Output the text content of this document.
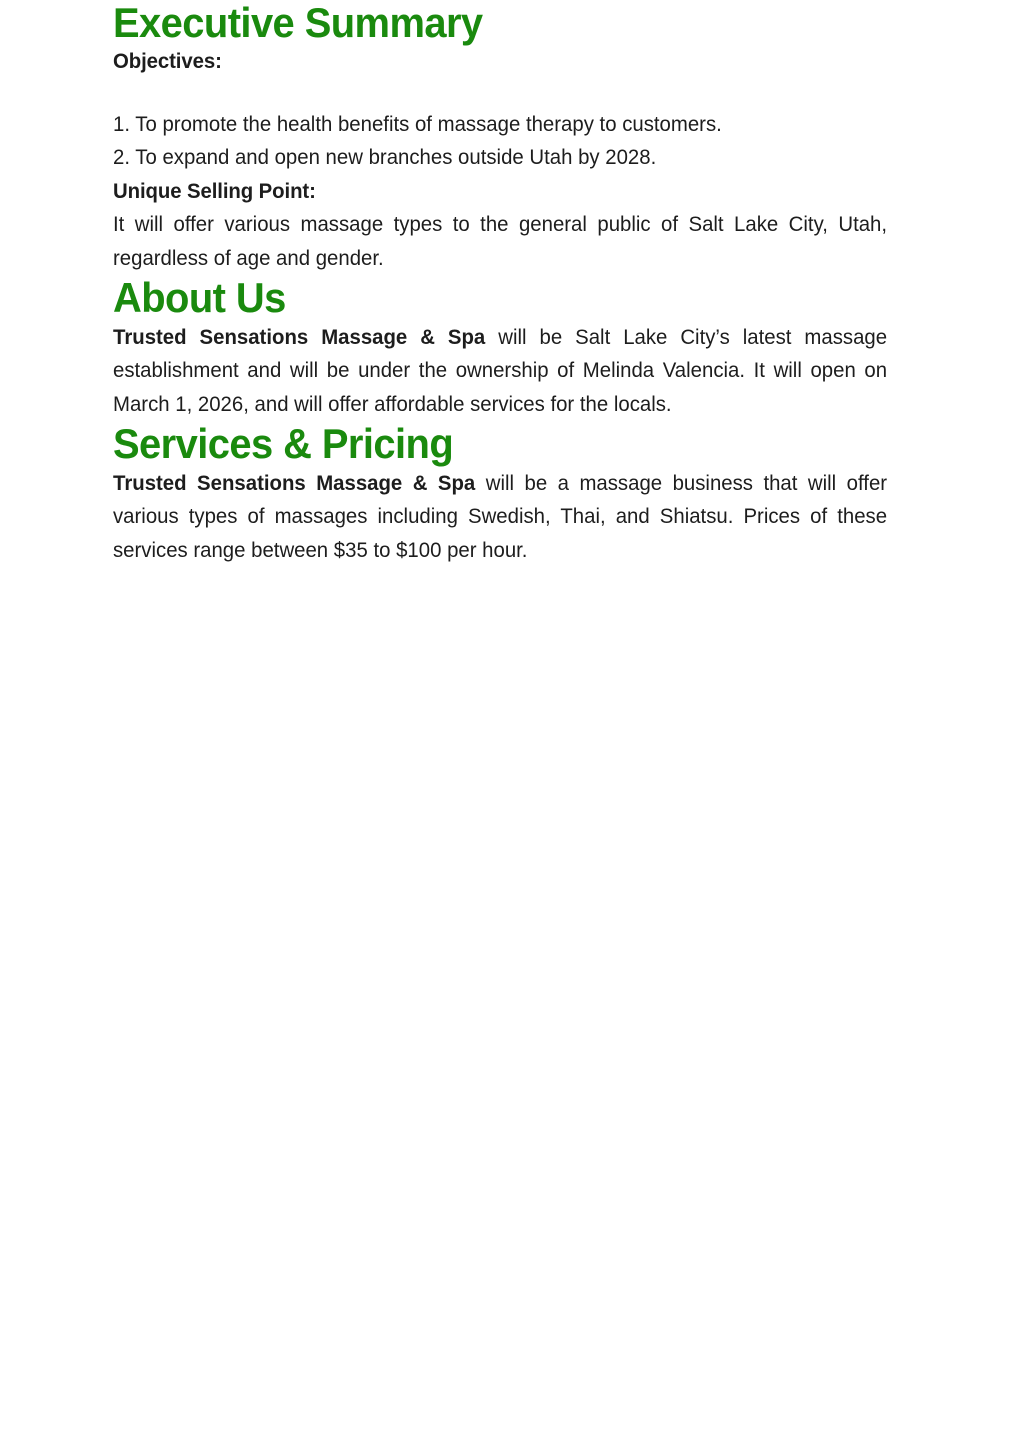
Executive Summary

Objectives:

1. To promote the health benefits of massage therapy to customers.
2. To expand and open new branches outside Utah by 2028.

Unique Selling Point:

It will offer various massage types to the general public of Salt Lake City, Utah, regardless of age and gender.

About Us

Trusted Sensations Massage & Spa will be Salt Lake City’s latest massage establishment and will be under the ownership of Melinda Valencia. It will open on March 1, 2026, and will offer affordable services for the locals.

Services & Pricing

Trusted Sensations Massage & Spa will be a massage business that will offer various types of massages including Swedish, Thai, and Shiatsu. Prices of these services range between $35 to $100 per hour.
